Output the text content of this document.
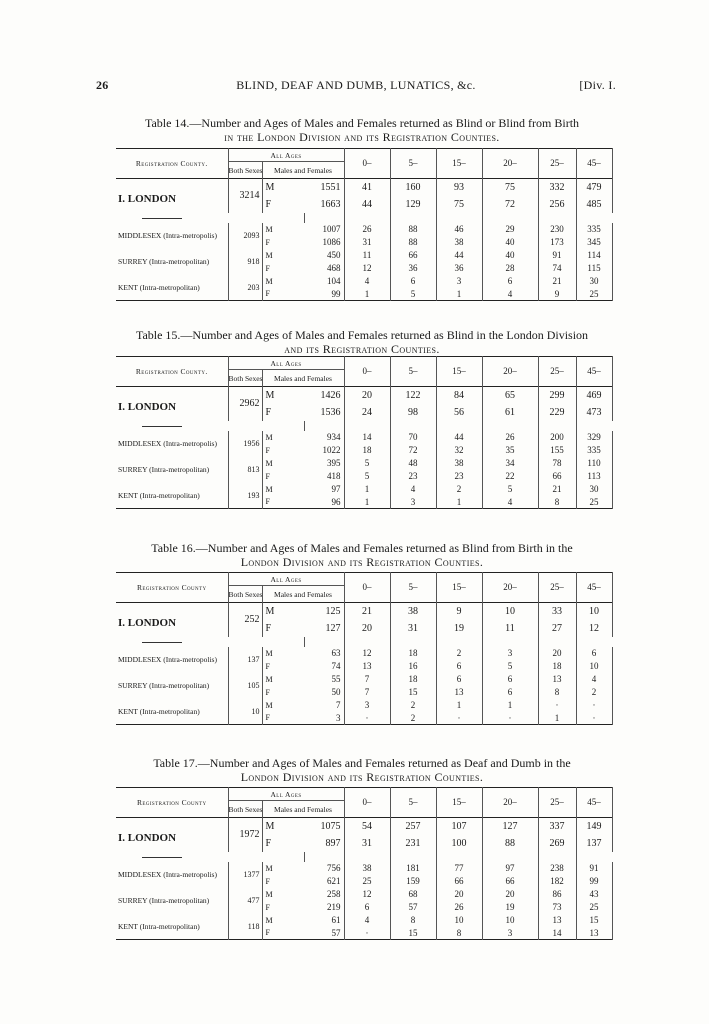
26	BLIND, DEAF AND DUMB, LUNATICS, &c.	[Div. I.
Table 14.—Number and Ages of Males and Females returned as Blind or Blind from Birth
in the London Division and its Registration Counties.
Registration County.	All Ages			0–	5–	15–	20–	25–	45–	
	Both Sexes	Males and Females								
I. LONDON	3214	M	1551	41	160	93	75	332	479	
		F	1663	44	129	75	72	256	485	

MIDDLESEX (Intra-metropolis)	2093	M	1007	26	88	46	29	230	335	
		F	1086	31	88	38	40	173	345	
SURREY (Intra-metropolitan)	918	M	450	11	66	44	40	91	114	
		F	468	12	36	36	28	74	115	
KENT (Intra-metropolitan)	203	M	104	4	6	3	6	21	30	
		F	99	1	5	1	4	9	25	
Table 15.—Number and Ages of Males and Females returned as Blind in the London Division
and its Registration Counties.
Registration County.	All Ages			0–	5–	15–	20–	25–	45–	
	Both Sexes	Males and Females								
I. LONDON	2962	M	1426	20	122	84	65	299	469	
		F	1536	24	98	56	61	229	473	

MIDDLESEX (Intra-metropolis)	1956	M	934	14	70	44	26	200	329	
		F	1022	18	72	32	35	155	335	
SURREY (Intra-metropolitan)	813	M	395	5	48	38	34	78	110	
		F	418	5	23	23	22	66	113	
KENT (Intra-metropolitan)	193	M	97	1	4	2	5	21	30	
		F	96	1	3	1	4	8	25	
Table 16.—Number and Ages of Males and Females returned as Blind from Birth in the
London Division and its Registration Counties.
Registration County	All Ages			0–	5–	15–	20–	25–	45–	
	Both Sexes	Males and Females								
I. LONDON	252	M	125	21	38	9	10	33	10	
		F	127	20	31	19	11	27	12	

MIDDLESEX (Intra-metropolis)	137	M	63	12	18	2	3	20	6	
		F	74	13	16	6	5	18	10	
SURREY (Intra-metropolitan)	105	M	55	7	18	6	6	13	4	
		F	50	7	15	13	6	8	2	
KENT (Intra-metropolitan)	10	M	7	3	2	1	1	·	·	
		F	3	·	2	·	·	1	·	
Table 17.—Number and Ages of Males and Females returned as Deaf and Dumb in the
London Division and its Registration Counties.
Registration County	All Ages			0–	5–	15–	20–	25–	45–	
	Both Sexes	Males and Females								
I. LONDON	1972	M	1075	54	257	107	127	337	149	
		F	897	31	231	100	88	269	137	

MIDDLESEX (Intra-metropolis)	1377	M	756	38	181	77	97	238	91	
		F	621	25	159	66	66	182	99	
SURREY (Intra-metropolitan)	477	M	258	12	68	20	20	86	43	
		F	219	6	57	26	19	73	25	
KENT (Intra-metropolitan)	118	M	61	4	8	10	10	13	15	
		F	57	·	15	8	3	14	13	
